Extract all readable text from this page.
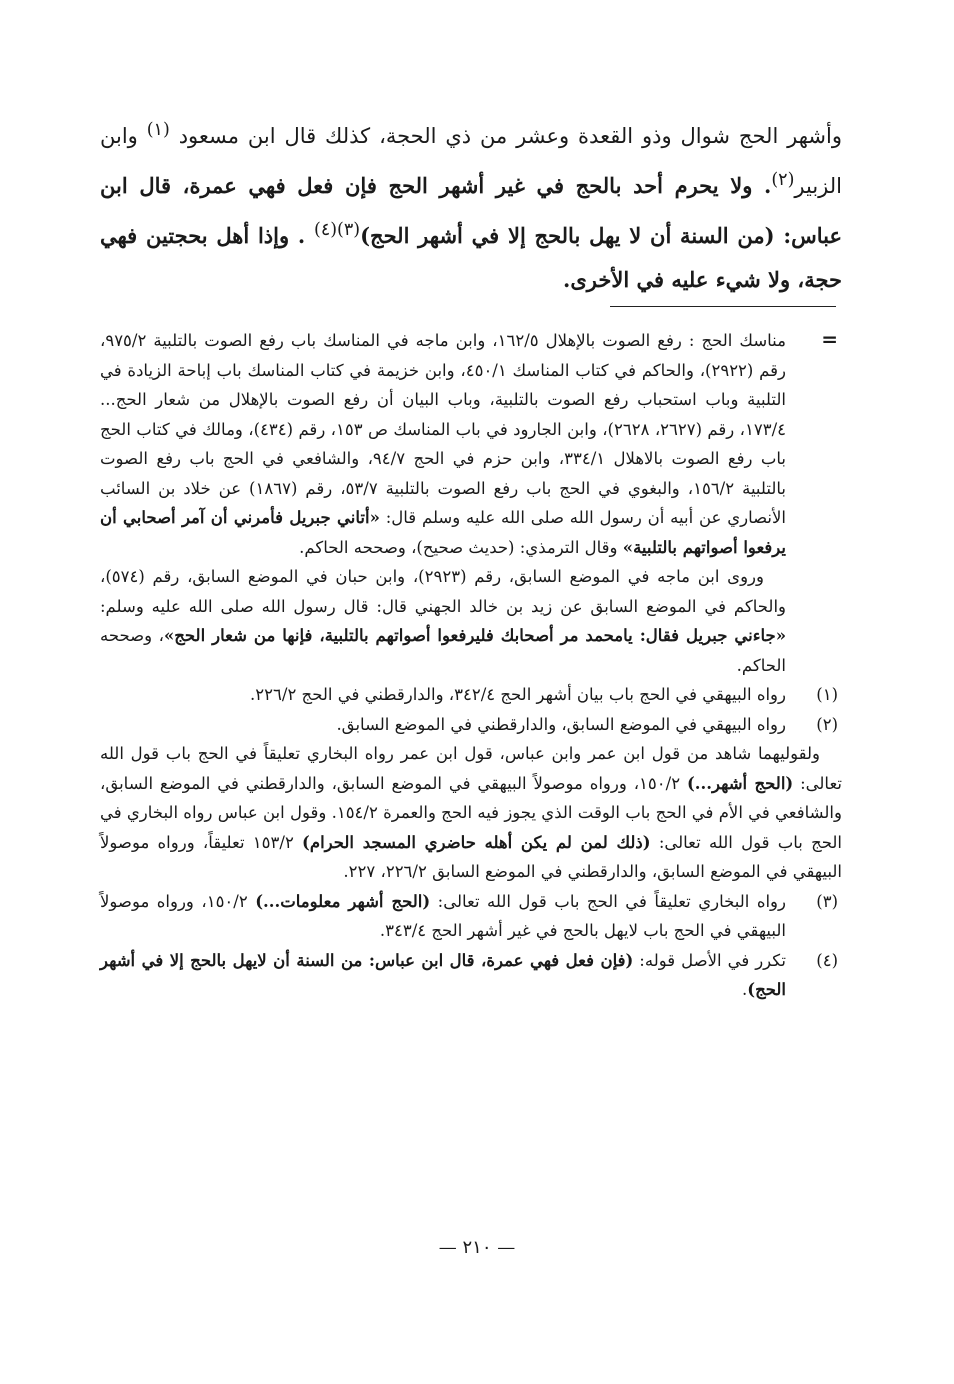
وأشهر الحج شوال وذو القعدة وعشر من ذي الحجة، كذلك قال ابن مسعود $^{(١)}$ وابن الزبير$^{(٢)}$. ولا يحرم أحد بالحج في غير أشهر الحج فإن فعل فهي عمرة، قال ابن عباس: (من السنة أن لا يهل بالحج إلا في أشهر الحج)$^{(٣)(٤)}$ . وإذا أهل بحجتين فهي حجة، ولا شيء عليه في الأخرى.

=

مناسك الحج : رفع الصوت بالإهلال ١٦٢/٥، وابن ماجه في المناسك باب رفع الصوت بالتلبية ٩٧٥/٢، رقم (٢٩٢٢)، والحاكم في كتاب المناسك ٤٥٠/١، وابن خزيمة في كتاب المناسك باب إباحة الزيادة في التلبية وباب استحباب رفع الصوت بالتلبية، وباب البيان أن رفع الصوت بالإهلال من شعار الحج... ١٧٣/٤، رقم (٢٦٢٧، ٢٦٢٨)، وابن الجارود في باب المناسك ص ١٥٣، رقم (٤٣٤)، ومالك في كتاب الحج باب رفع الصوت بالاهلال ٣٣٤/١، وابن حزم في الحج ٩٤/٧، والشافعي في الحج باب رفع الصوت بالتلبية ١٥٦/٢، والبغوي في الحج باب رفع الصوت بالتلبية ٥٣/٧، رقم (١٨٦٧) عن خلاد بن السائب الأنصاري عن أبيه أن رسول الله صلى الله عليه وسلم قال: «أتاني جبريل فأمرني أن آمر أصحابي أن يرفعوا أصواتهم بالتلبية» وقال الترمذي: (حديث صحيح)، وصححه الحاكم.

وروى ابن ماجه في الموضع السابق، رقم (٢٩٢٣)، وابن حبان في الموضع السابق، رقم (٥٧٤)، والحاكم في الموضع السابق عن زيد بن خالد الجهني قال: قال رسول الله صلى الله عليه وسلم: «جاءني جبريل فقال: يامحمد مر أصحابك فليرفعوا أصواتهم بالتلبية، فإنها من شعار الحج»، وصححه الحاكم.

(١)

رواه البيهقي في الحج باب بيان أشهر الحج ٣٤٢/٤، والدارقطني في الحج ٢٢٦/٢.

(٢)

رواه البيهقي في الموضع السابق، والدارقطني في الموضع السابق.

ولقوليهما شاهد من قول ابن عمر وابن عباس، قول ابن عمر رواه البخاري تعليقاً في الحج باب قول الله تعالى: (الحج أشهر...) ١٥٠/٢، ورواه موصولاً البيهقي في الموضع السابق، والدارقطني في الموضع السابق، والشافعي في الأم في الحج باب الوقت الذي يجوز فيه الحج والعمرة ١٥٤/٢. وقول ابن عباس رواه البخاري في الحج باب قول الله تعالى: (ذلك لمن لم يكن أهله حاضري المسجد الحرام) ١٥٣/٢ تعليقاً، ورواه موصولاً البيهقي في الموضع السابق، والدارقطني في الموضع السابق ٢٢٦/٢، ٢٢٧.

(٣)

رواه البخاري تعليقاً في الحج باب قول الله تعالى: (الحج أشهر معلومات...) ١٥٠/٢، ورواه موصولاً البيهقي في الحج باب لايهل بالحج في غير أشهر الحج ٣٤٣/٤.

(٤)

تكرر في الأصل قوله: (فإن فعل فهي عمرة، قال ابن عباس: من السنة أن لايهل بالحج إلا في أشهر الحج).

— ٢١٠ —
